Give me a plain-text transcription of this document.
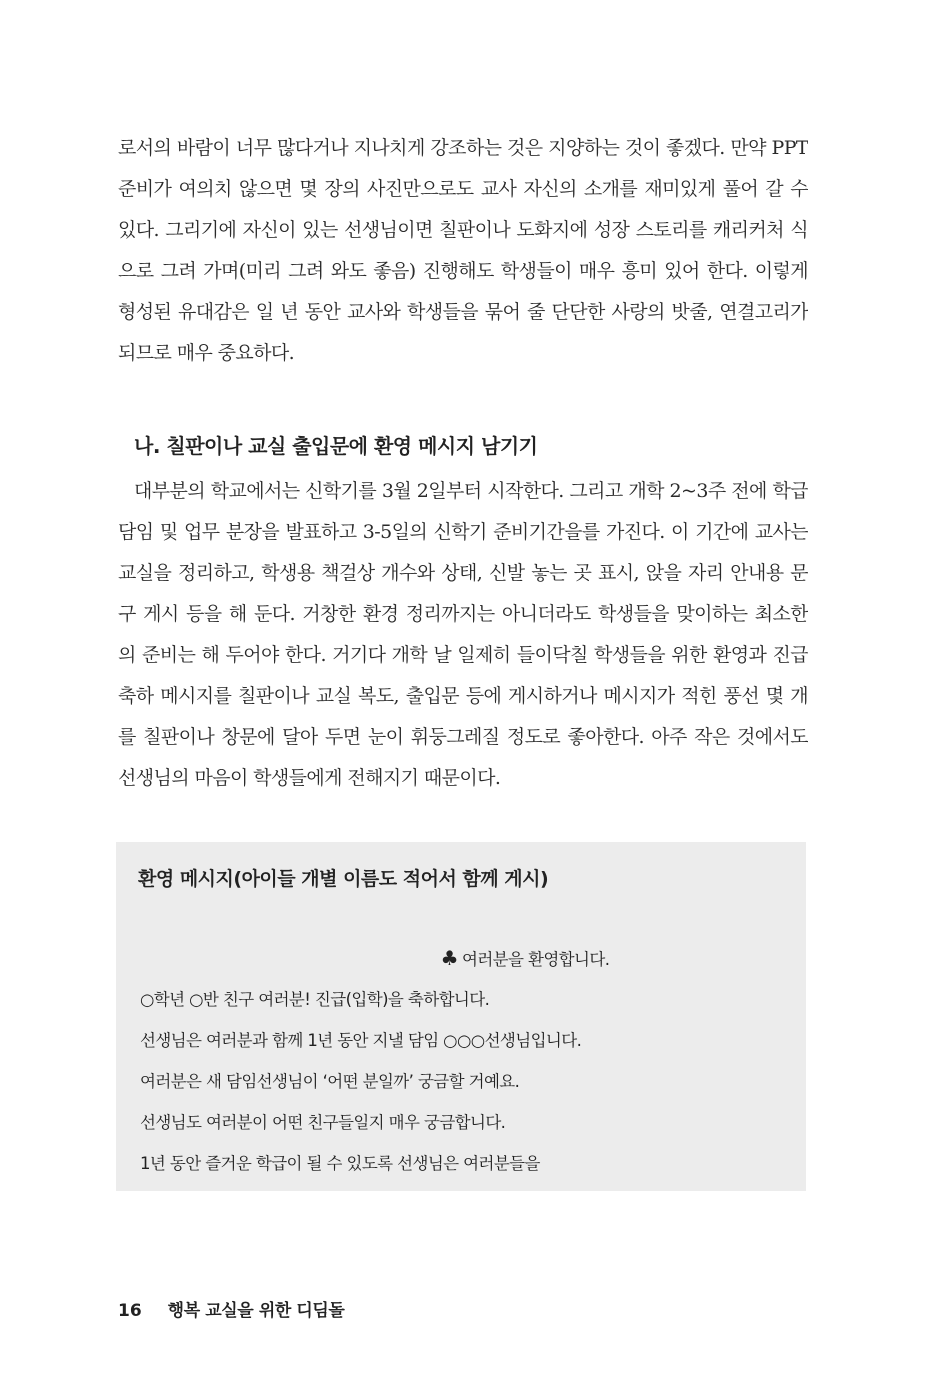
로서의 바람이 너무 많다거나 지나치게 강조하는 것은 지양하는 것이 좋겠다. 만약 PPT
준비가 여의치 않으면 몇 장의 사진만으로도 교사 자신의 소개를 재미있게 풀어 갈 수
있다. 그리기에 자신이 있는 선생님이면 칠판이나 도화지에 성장 스토리를 캐리커처 식
으로 그려 가며(미리 그려 와도 좋음) 진행해도 학생들이 매우 흥미 있어 한다. 이렇게
형성된 유대감은 일 년 동안 교사와 학생들을 묶어 줄 단단한 사랑의 밧줄, 연결고리가
되므로 매우 중요하다.
나. 칠판이나 교실 출입문에 환영 메시지 남기기
대부분의 학교에서는 신학기를 3월 2일부터 시작한다. 그리고 개학 2~3주 전에 학급
담임 및 업무 분장을 발표하고 3-5일의 신학기 준비기간을를 가진다. 이 기간에 교사는
교실을 정리하고, 학생용 책걸상 개수와 상태, 신발 놓는 곳 표시, 앉을 자리 안내용 문
구 게시 등을 해 둔다. 거창한 환경 정리까지는 아니더라도 학생들을 맞이하는 최소한
의 준비는 해 두어야 한다. 거기다 개학 날 일제히 들이닥칠 학생들을 위한 환영과 진급
축하 메시지를 칠판이나 교실 복도, 출입문 등에 게시하거나 메시지가 적힌 풍선 몇 개
를 칠판이나 창문에 달아 두면 눈이 휘둥그레질 정도로 좋아한다. 아주 작은 것에서도
선생님의 마음이 학생들에게 전해지기 때문이다.
환영 메시지(아이들 개별 이름도 적어서 함께 게시)
♣ 여러분을 환영합니다.
○학년 ○반 친구 여러분! 진급(입학)을 축하합니다.
선생님은 여러분과 함께 1년 동안 지낼 담임 ○○○선생님입니다.
여러분은 새 담임선생님이 ‘어떤 분일까’ 궁금할 거예요.
선생님도 여러분이 어떤 친구들일지 매우 궁금합니다.
1년 동안 즐거운 학급이 될 수 있도록 선생님은 여러분들을
16 행복 교실을 위한 디딤돌
